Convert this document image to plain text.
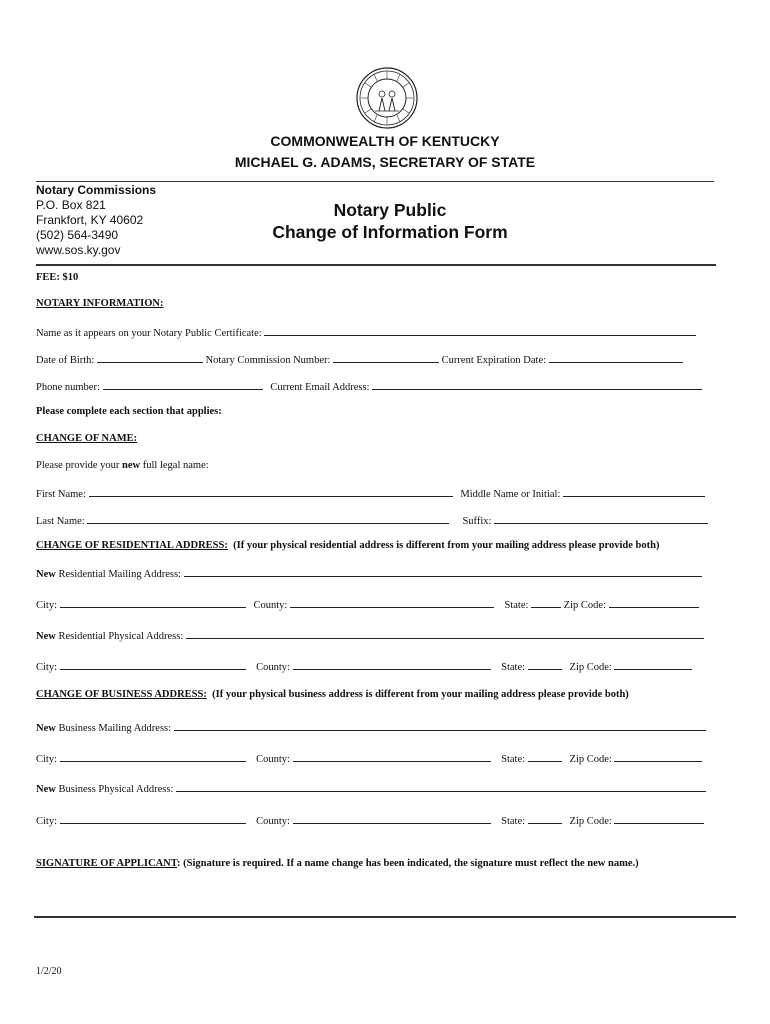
COMMONWEALTH OF KENTUCKY
MICHAEL G. ADAMS, SECRETARY OF STATE
Notary Commissions
P.O. Box 821
Frankfort, KY 40602
(502) 564-3490
www.sos.ky.gov
Notary Public
Change of Information Form
FEE: $10
NOTARY INFORMATION:
Name as it appears on your Notary Public Certificate:
Date of Birth:	Notary Commission Number:	Current Expiration Date:
Phone number:	Current Email Address:
Please complete each section that applies:
CHANGE OF NAME:
Please provide your new full legal name:
First Name:	Middle Name or Initial:
Last Name:	Suffix:
CHANGE OF RESIDENTIAL ADDRESS: (If your physical residential address is different from your mailing address please provide both)
New Residential Mailing Address:
City:	County:	State:	Zip Code:
New Residential Physical Address:
City:	County:	State:	Zip Code:
CHANGE OF BUSINESS ADDRESS: (If your physical business address is different from your mailing address please provide both)
New Business Mailing Address:
City:	County:	State:	Zip Code:
New Business Physical Address:
City:	County:	State:	Zip Code:
SIGNATURE OF APPLICANT: (Signature is required. If a name change has been indicated, the signature must reflect the new name.)
1/2/20
